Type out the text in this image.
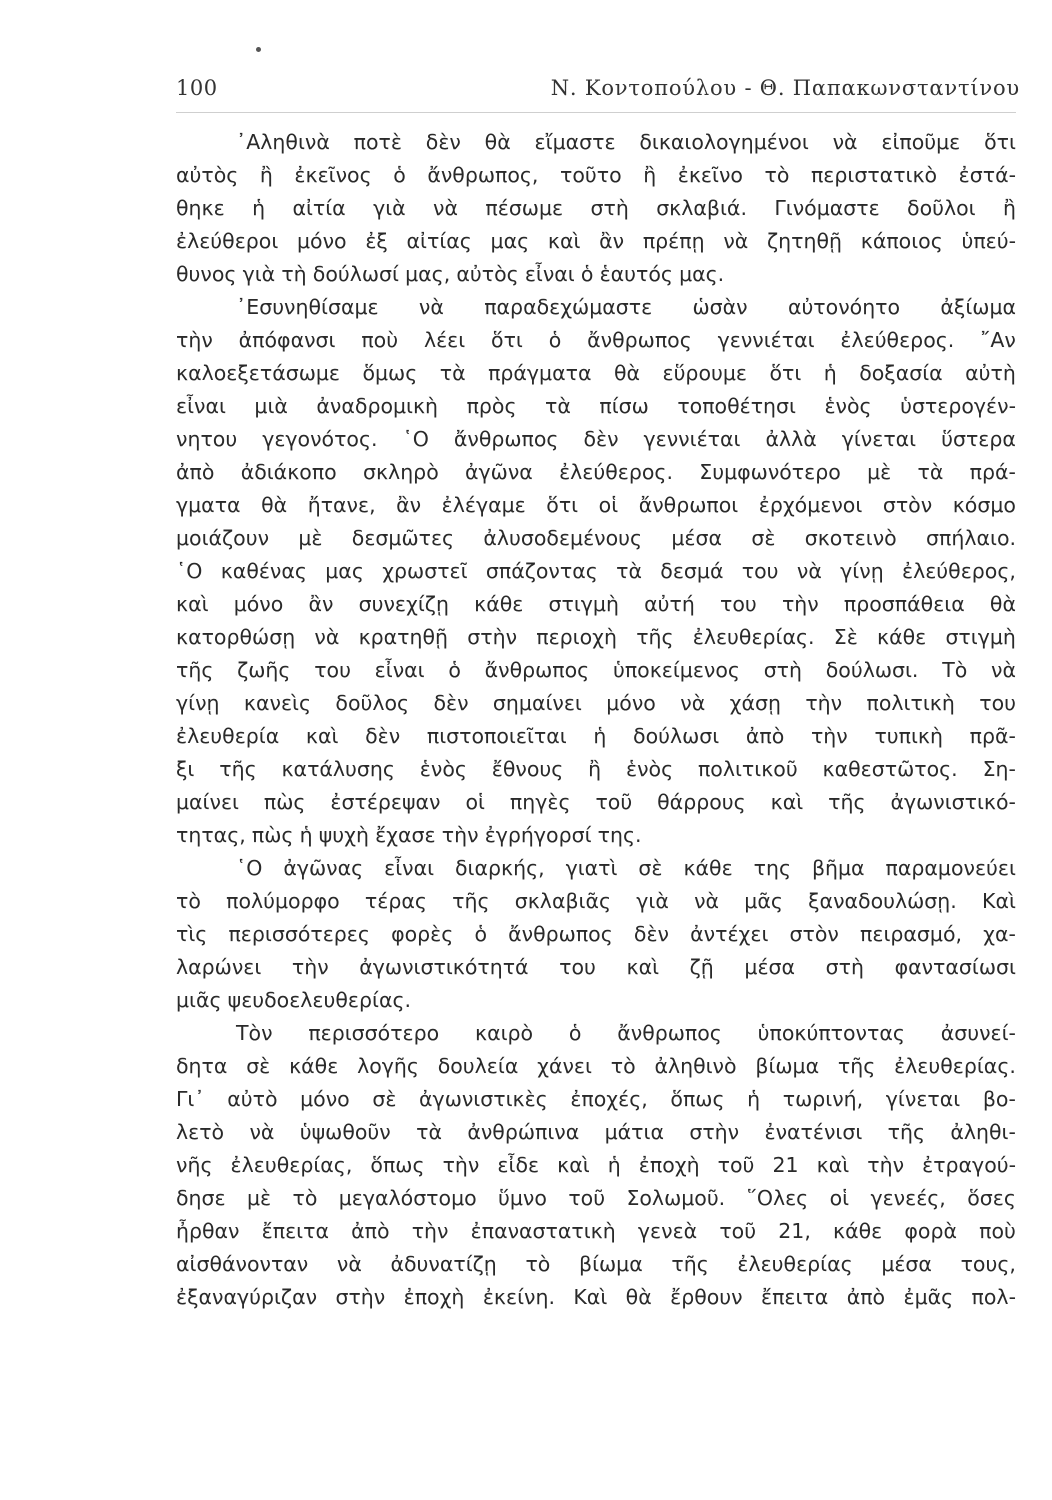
100	Ν. Κοντοπούλου - Θ. Παπακωνσταντίνου
᾿Αληθινὰ ποτὲ δὲν θὰ εἴμαστε δικαιολογημένοι νὰ εἰποῦμε ὅτι
αὐτὸς ἢ ἐκεῖνος ὁ ἄνθρωπος, τοῦτο ἢ ἐκεῖνο τὸ περιστατικὸ ἐστά-
θηκε ἡ αἰτία γιὰ νὰ πέσωμε στὴ σκλαβιά. Γινόμαστε δοῦλοι ἢ
ἐλεύθεροι μόνο ἐξ αἰτίας μας καὶ ἂν πρέπῃ νὰ ζητηθῇ κάποιος ὑπεύ-
θυνος γιὰ τὴ δούλωσί μας, αὐτὸς εἶναι ὁ ἑαυτός μας.
᾿Εσυνηθίσαμε νὰ παραδεχώμαστε ὡσὰν αὐτονόητο ἀξίωμα
τὴν ἀπόφανσι ποὺ λέει ὅτι ὁ ἄνθρωπος γεννιέται ἐλεύθερος. ῎Αν
καλοεξετάσωμε ὅμως τὰ πράγματα θὰ εὕρουμε ὅτι ἡ δοξασία αὐτὴ
εἶναι μιὰ ἀναδρομικὴ πρὸς τὰ πίσω τοποθέτησι ἑνὸς ὑστερογέν-
νητου γεγονότος. ῾Ο ἄνθρωπος δὲν γεννιέται ἀλλὰ γίνεται ὕστερα
ἀπὸ ἀδιάκοπο σκληρὸ ἀγῶνα ἐλεύθερος. Συμφωνότερο μὲ τὰ πρά-
γματα θὰ ἤτανε, ἂν ἐλέγαμε ὅτι οἱ ἄνθρωποι ἐρχόμενοι στὸν κόσμο
μοιάζουν μὲ δεσμῶτες ἀλυσοδεμένους μέσα σὲ σκοτεινὸ σπήλαιο.
῾Ο καθένας μας χρωστεῖ σπάζοντας τὰ δεσμά του νὰ γίνῃ ἐλεύθερος,
καὶ μόνο ἂν συνεχίζῃ κάθε στιγμὴ αὐτή του τὴν προσπάθεια θὰ
κατορθώσῃ νὰ κρατηθῇ στὴν περιοχὴ τῆς ἐλευθερίας. Σὲ κάθε στιγμὴ
τῆς ζωῆς του εἶναι ὁ ἄνθρωπος ὑποκείμενος στὴ δούλωσι. Τὸ νὰ
γίνῃ κανεὶς δοῦλος δὲν σημαίνει μόνο νὰ χάσῃ τὴν πολιτικὴ του
ἐλευθερία καὶ δὲν πιστοποιεῖται ἡ δούλωσι ἀπὸ τὴν τυπικὴ πρᾶ-
ξι τῆς κατάλυσης ἑνὸς ἔθνους ἢ ἑνὸς πολιτικοῦ καθεστῶτος. Ση-
μαίνει πὼς ἐστέρεψαν οἱ πηγὲς τοῦ θάρρους καὶ τῆς ἀγωνιστικό-
τητας, πὼς ἡ ψυχὴ ἔχασε τὴν ἐγρήγορσί της.
῾Ο ἀγῶνας εἶναι διαρκής, γιατὶ σὲ κάθε της βῆμα παραμονεύει
τὸ πολύμορφο τέρας τῆς σκλαβιᾶς γιὰ νὰ μᾶς ξαναδουλώσῃ. Καὶ
τὶς περισσότερες φορὲς ὁ ἄνθρωπος δὲν ἀντέχει στὸν πειρασμό, χα-
λαρώνει τὴν ἀγωνιστικότητά του καὶ ζῇ μέσα στὴ φαντασίωσι
μιᾶς ψευδοελευθερίας.
Τὸν περισσότερο καιρὸ ὁ ἄνθρωπος ὑποκύπτοντας ἀσυνεί-
δητα σὲ κάθε λογῆς δουλεία χάνει τὸ ἀληθινὸ βίωμα τῆς ἐλευθερίας.
Γι᾿ αὐτὸ μόνο σὲ ἀγωνιστικὲς ἐποχές, ὅπως ἡ τωρινή, γίνεται βο-
λετὸ νὰ ὑψωθοῦν τὰ ἀνθρώπινα μάτια στὴν ἐνατένισι τῆς ἀληθι-
νῆς ἐλευθερίας, ὅπως τὴν εἶδε καὶ ἡ ἐποχὴ τοῦ 21 καὶ τὴν ἐτραγού-
δησε μὲ τὸ μεγαλόστομο ὕμνο τοῦ Σολωμοῦ. ῞Ολες οἱ γενεές, ὅσες
ἦρθαν ἔπειτα ἀπὸ τὴν ἐπαναστατικὴ γενεὰ τοῦ 21, κάθε φορὰ ποὺ
αἰσθάνονταν νὰ ἀδυνατίζῃ τὸ βίωμα τῆς ἐλευθερίας μέσα τους,
ἐξαναγύριζαν στὴν ἐποχὴ ἐκείνη. Καὶ θὰ ἔρθουν ἔπειτα ἀπὸ ἐμᾶς πολ-
